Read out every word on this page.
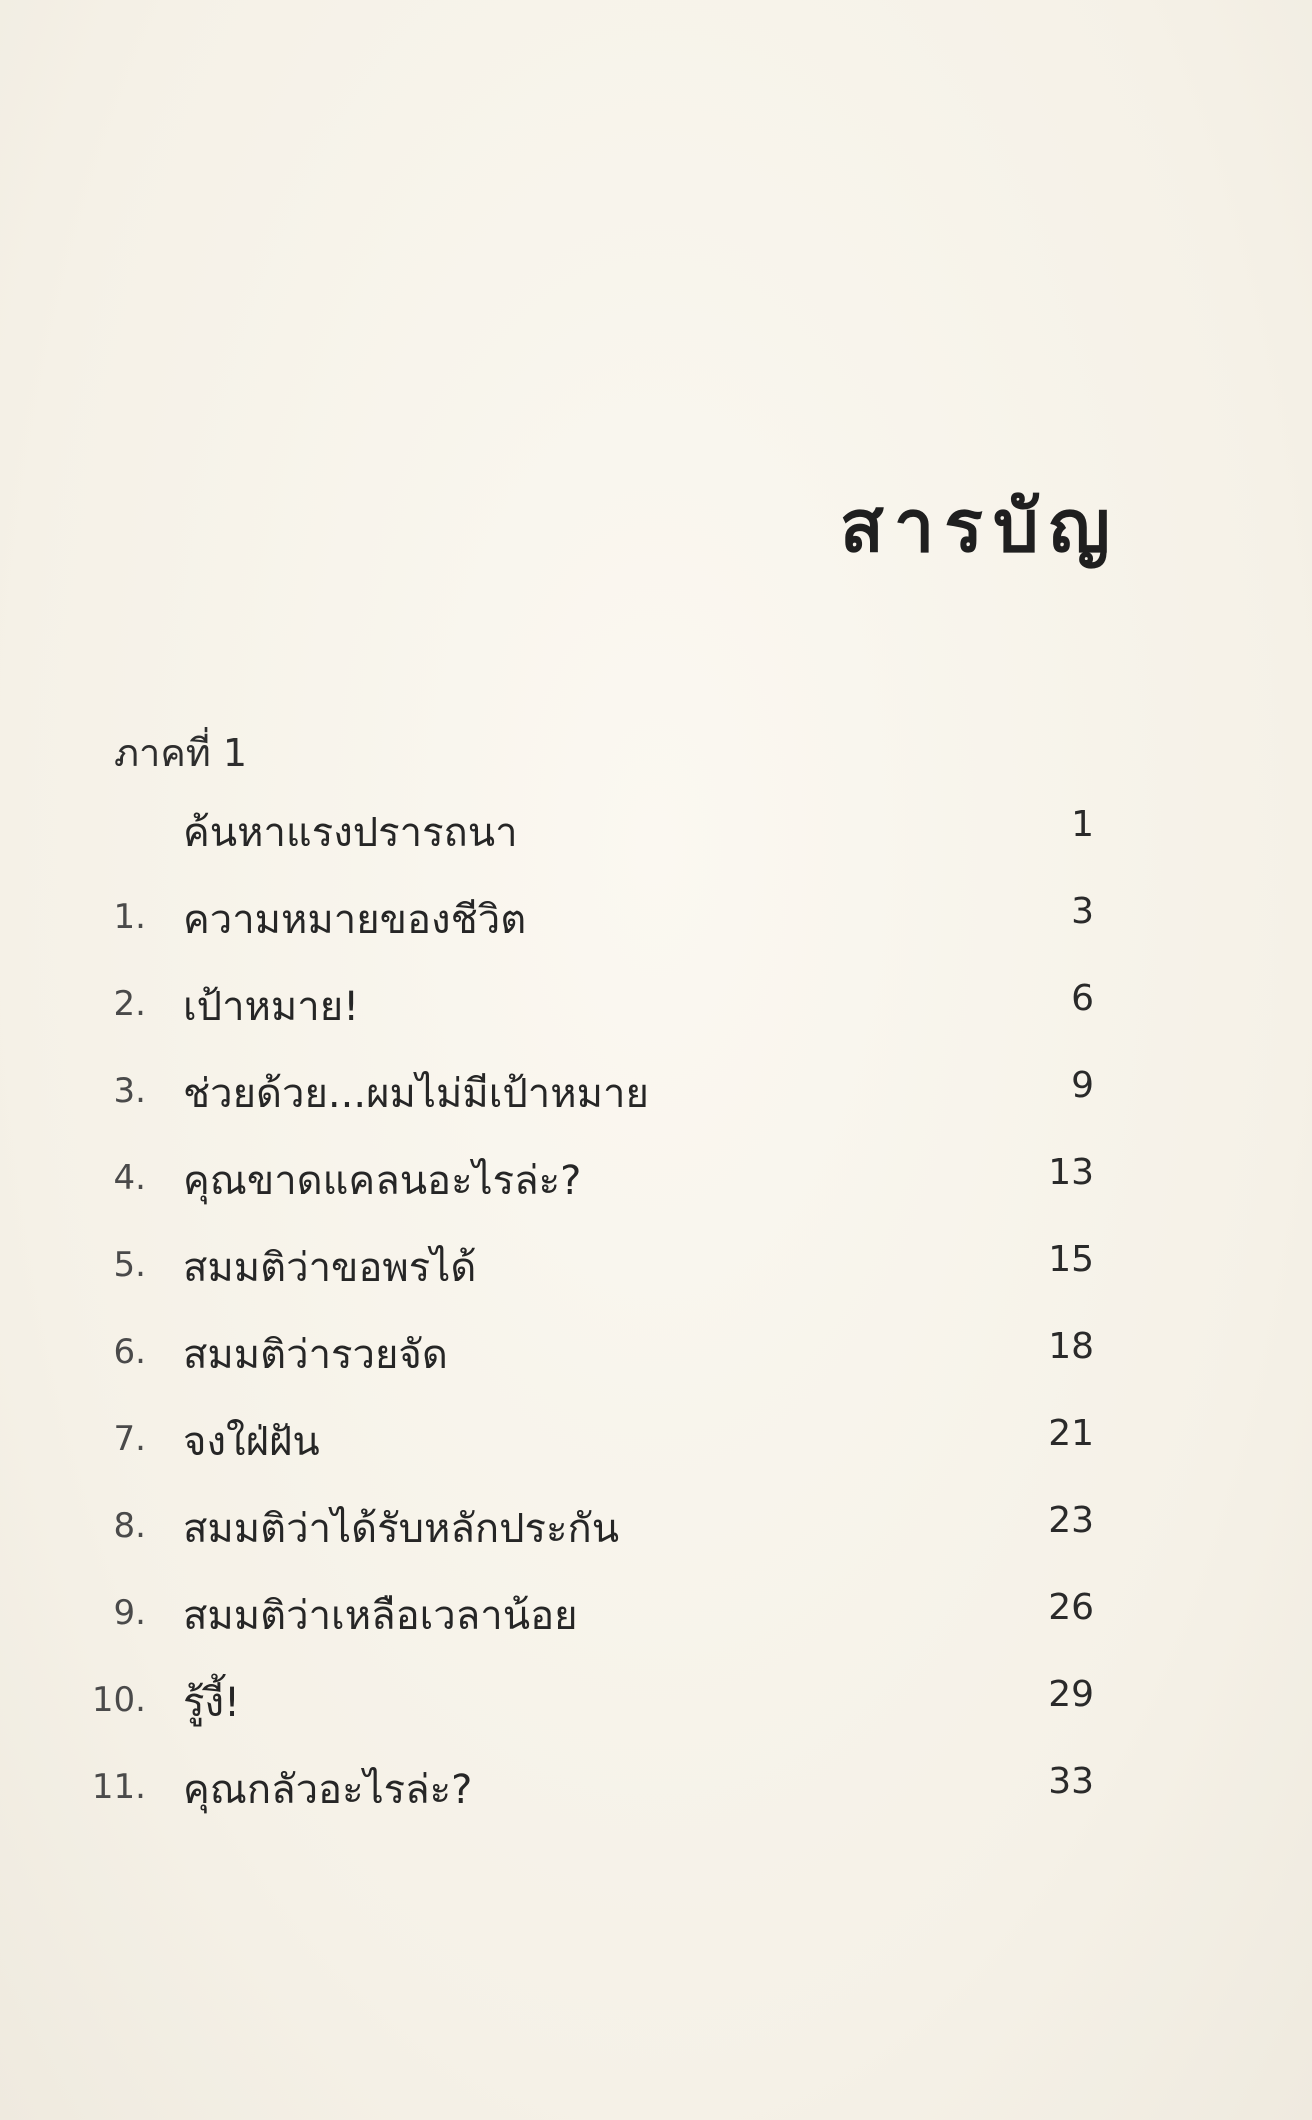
สารบัญ
ภาคที่ 1
ค้นหาแรงปรารถนา	1
1. ความหมายของชีวิต	3
2. เป้าหมาย!	6
3. ช่วยด้วย...ผมไม่มีเป้าหมาย	9
4. คุณขาดแคลนอะไรล่ะ?	13
5. สมมติว่าขอพรได้	15
6. สมมติว่ารวยจัด	18
7. จงใฝ่ฝัน	21
8. สมมติว่าได้รับหลักประกัน	23
9. สมมติว่าเหลือเวลาน้อย	26
10. รู้งี้!	29
11. คุณกลัวอะไรล่ะ?	33
